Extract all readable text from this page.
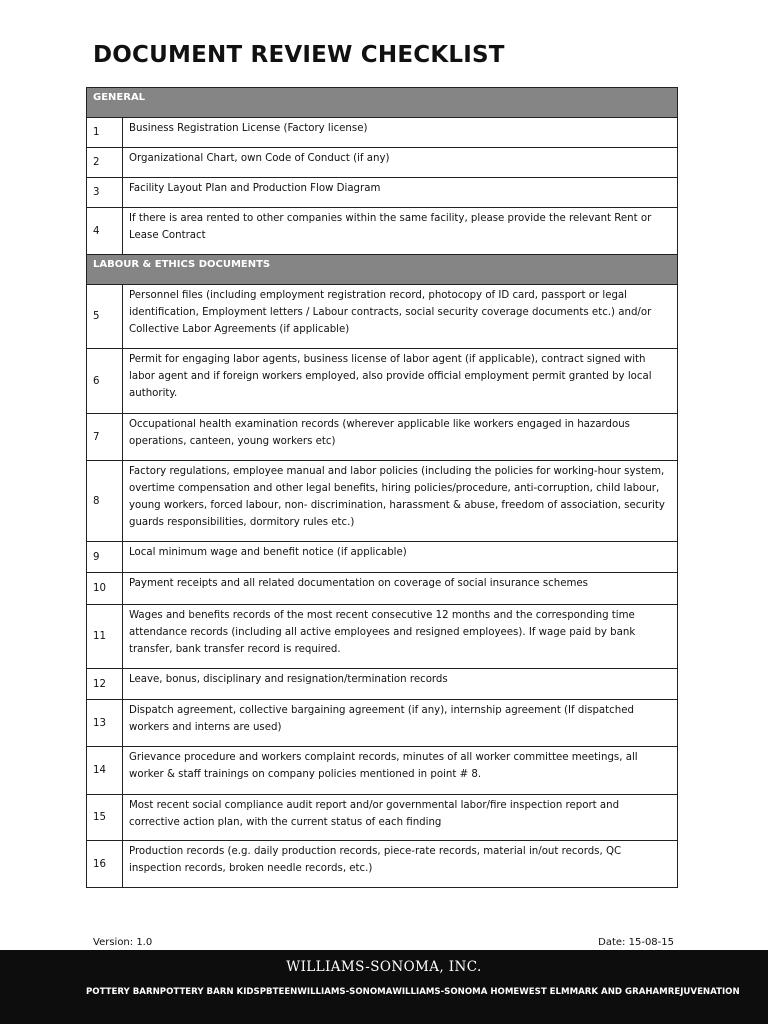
DOCUMENT REVIEW CHECKLIST
GENERAL	
1	Business Registration License (Factory license)
2	Organizational Chart, own Code of Conduct (if any)
3	Facility Layout Plan and Production Flow Diagram
4	If there is area rented to other companies within the same facility, please provide the relevant Rent or Lease Contract
LABOUR & ETHICS DOCUMENTS	
5	Personnel files (including employment registration record, photocopy of ID card, passport or legal identification, Employment letters / Labour contracts, social security coverage documents etc.) and/or Collective Labor Agreements (if applicable)
6	Permit for engaging labor agents, business license of labor agent (if applicable), contract signed with labor agent and if foreign workers employed, also provide official employment permit granted by local authority.
7	Occupational health examination records (wherever applicable like workers engaged in hazardous operations, canteen, young workers etc)
8	Factory regulations, employee manual and labor policies (including the policies for working-hour system, overtime compensation and other legal benefits, hiring policies/procedure, anti-corruption, child labour, young workers, forced labour, non- discrimination, harassment & abuse, freedom of association, security guards responsibilities, dormitory rules etc.)
9	Local minimum wage and benefit notice (if applicable)
10	Payment receipts and all related documentation on coverage of social insurance schemes
11	Wages and benefits records of the most recent consecutive 12 months and the corresponding time attendance records (including all active employees and resigned employees). If wage paid by bank transfer, bank transfer record is required.
12	Leave, bonus, disciplinary and resignation/termination records
13	Dispatch agreement, collective bargaining agreement (if any), internship agreement (If dispatched workers and interns are used)
14	Grievance procedure and workers complaint records, minutes of all worker committee meetings, all worker & staff trainings on company policies mentioned in point # 8.
15	Most recent social compliance audit report and/or governmental labor/fire inspection report and corrective action plan, with the current status of each finding
16	Production records (e.g. daily production records, piece-rate records, material in/out records, QC inspection records, broken needle records, etc.)
Version: 1.0	Date: 15-08-15
WILLIAMS-SONOMA, INC.
POTTERY BARN POTTERY BARN KIDS PBTEEN WILLIAMS-SONOMA WILLIAMS-SONOMA HOME WEST ELM MARK AND GRAHAM REJUVENATION
